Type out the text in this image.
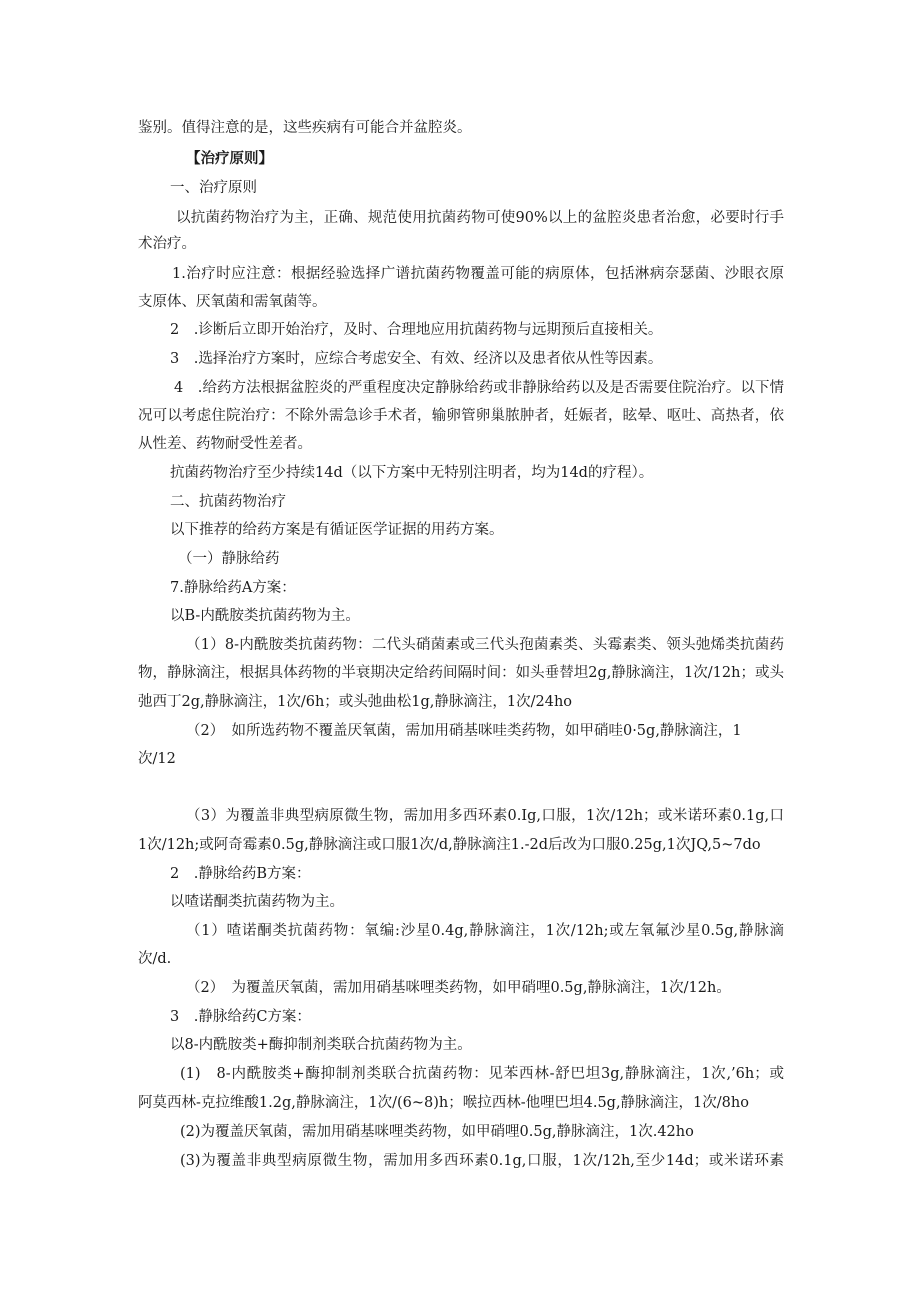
鉴别。值得注意的是，这些疾病有可能合并盆腔炎。
【治疗原则】
一、治疗原则
以抗菌药物治疗为主，正确、规范使用抗菌药物可使90%以上的盆腔炎患者治愈，必要时行手
术治疗。
1.治疗时应注意：根据经验选择广谱抗菌药物覆盖可能的病原体，包括淋病奈瑟菌、沙眼衣原
支原体、厌氧菌和需氧菌等。
2　.诊断后立即开始治疗，及时、合理地应用抗菌药物与远期预后直接相关。
3　.选择治疗方案时，应综合考虑安全、有效、经济以及患者依从性等因素。
4　.给药方法根据盆腔炎的严重程度决定静脉给药或非静脉给药以及是否需要住院治疗。以下情
况可以考虑住院治疗：不除外需急诊手术者，输卵管卵巢脓肿者，妊娠者，眩晕、呕吐、高热者，依
从性差、药物耐受性差者。
抗菌药物治疗至少持续14d（以下方案中无特别注明者，均为14d的疗程）。
二、抗菌药物治疗
以下推荐的给药方案是有循证医学证据的用药方案。
（一）静脉给药
7.静脉给药A方案：
以B-内酰胺类抗菌药物为主。
（1）8-内酰胺类抗菌药物：二代头硝菌素或三代头孢菌素类、头霉素类、领头弛烯类抗菌药
物，静脉滴注，根据具体药物的半衰期决定给药间隔时间：如头垂替坦2g,静脉滴注，1次/12h；或头
弛西丁2g,静脉滴注，1次/6h；或头弛曲松1g,静脉滴注，1次/24ho
（2）　如所选药物不覆盖厌氧菌，需加用硝基咪哇类药物，如甲硝哇0·5g,静脉滴注，1
次/12
（3）为覆盖非典型病原微生物，需加用多西环素0.Ig,口服，1次/12h；或米诺环素0.1g,口
1次/12h;或阿奇霉素0.5g,静脉滴注或口服1次/d,静脉滴注1.-2d后改为口服0.25g,1次JQ,5~7do
2　.静脉给药B方案：
以喳诺酮类抗菌药物为主。
（1）喳诺酮类抗菌药物：氧编:沙星0.4g,静脉滴注，1次/12h;或左氧氟沙星0.5g,静脉滴
次/d.
（2）　为覆盖厌氧菌，需加用硝基咪哩类药物，如甲硝哩0.5g,静脉滴注，1次/12h。
3　.静脉给药C方案：
以8-内酰胺类+酶抑制剂类联合抗菌药物为主。
(1)　8-内酰胺类+酶抑制剂类联合抗菌药物：见苯西林-舒巴坦3g,静脉滴注，1次,’6h；或
阿莫西林-克拉维酸1.2g,静脉滴注，1次/(6~8)h；喉拉西林-他哩巴坦4.5g,静脉滴注，1次/8ho
(2)为覆盖厌氧菌，需加用硝基咪哩类药物，如甲硝哩0.5g,静脉滴注，1次.42ho
(3)为覆盖非典型病原微生物，需加用多西环素0.1g,口服，1次/12h,至少14d；或米诺环素
